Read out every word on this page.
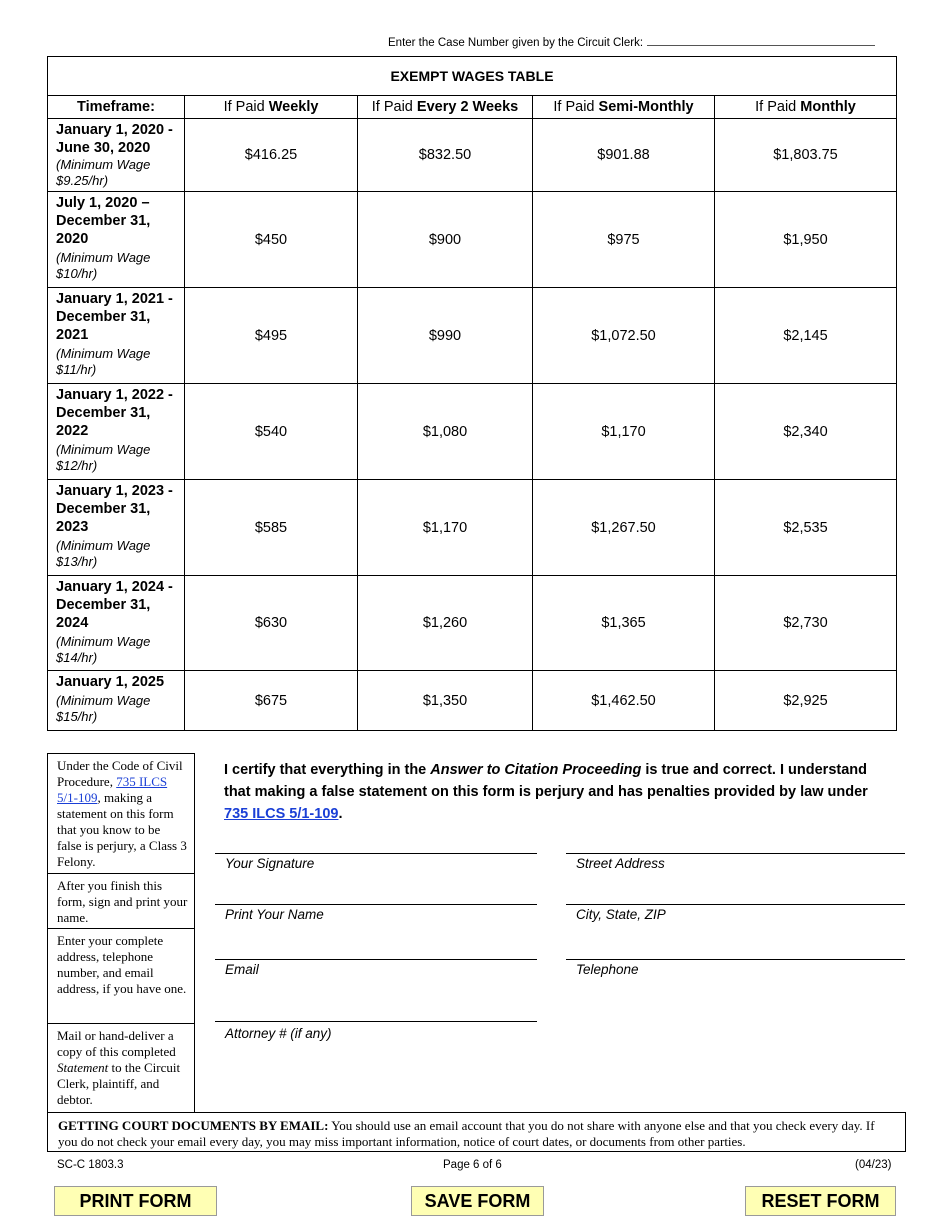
Enter the Case Number given by the Circuit Clerk:
EXEMPT WAGES TABLE				
Timeframe:	If Paid Weekly	If Paid Every 2 Weeks	If Paid Semi-Monthly	If Paid Monthly

January 1, 2020 - June 30, 2020
(Minimum Wage $9.25/hr)	$416.25	$832.50	$901.88	$1,803.75

July 1, 2020 – December 31, 2020
(Minimum Wage $10/hr)	$450	$900	$975	$1,950

January 1, 2021 -December 31, 2021
(Minimum Wage $11/hr)	$495	$990	$1,072.50	$2,145

January 1, 2022 -December 31, 2022
(Minimum Wage $12/hr)	$540	$1,080	$1,170	$2,340

January 1, 2023 -December 31, 2023
(Minimum Wage $13/hr)	$585	$1,170	$1,267.50	$2,535

January 1, 2024 -December 31, 2024
(Minimum Wage $14/hr)	$630	$1,260	$1,365	$2,730

January 1, 2025
(Minimum Wage $15/hr)	$675	$1,350	$1,462.50	$2,925
Under the Code of Civil Procedure, 735 ILCS 5/1-109, making a statement on this form that you know to be false is perjury, a Class 3 Felony.
After you finish this form, sign and print your name.
Enter your complete address, telephone number, and email address, if you have one.
Mail or hand-deliver a copy of this completed Statement to the Circuit Clerk, plaintiff, and debtor.
I certify that everything in the Answer to Citation Proceeding is true and correct. I understand that making a false statement on this form is perjury and has penalties provided by law under 735 ILCS 5/1-109.
Your Signature	Street Address
Print Your Name	City, State, ZIP
Email	Telephone
Attorney # (if any)
GETTING COURT DOCUMENTS BY EMAIL: You should use an email account that you do not share with anyone else and that you check every day. If you do not check your email every day, you may miss important information, notice of court dates, or documents from other parties.
SC-C 1803.3	Page 6 of 6	(04/23)
PRINT FORM	SAVE FORM	RESET FORM
